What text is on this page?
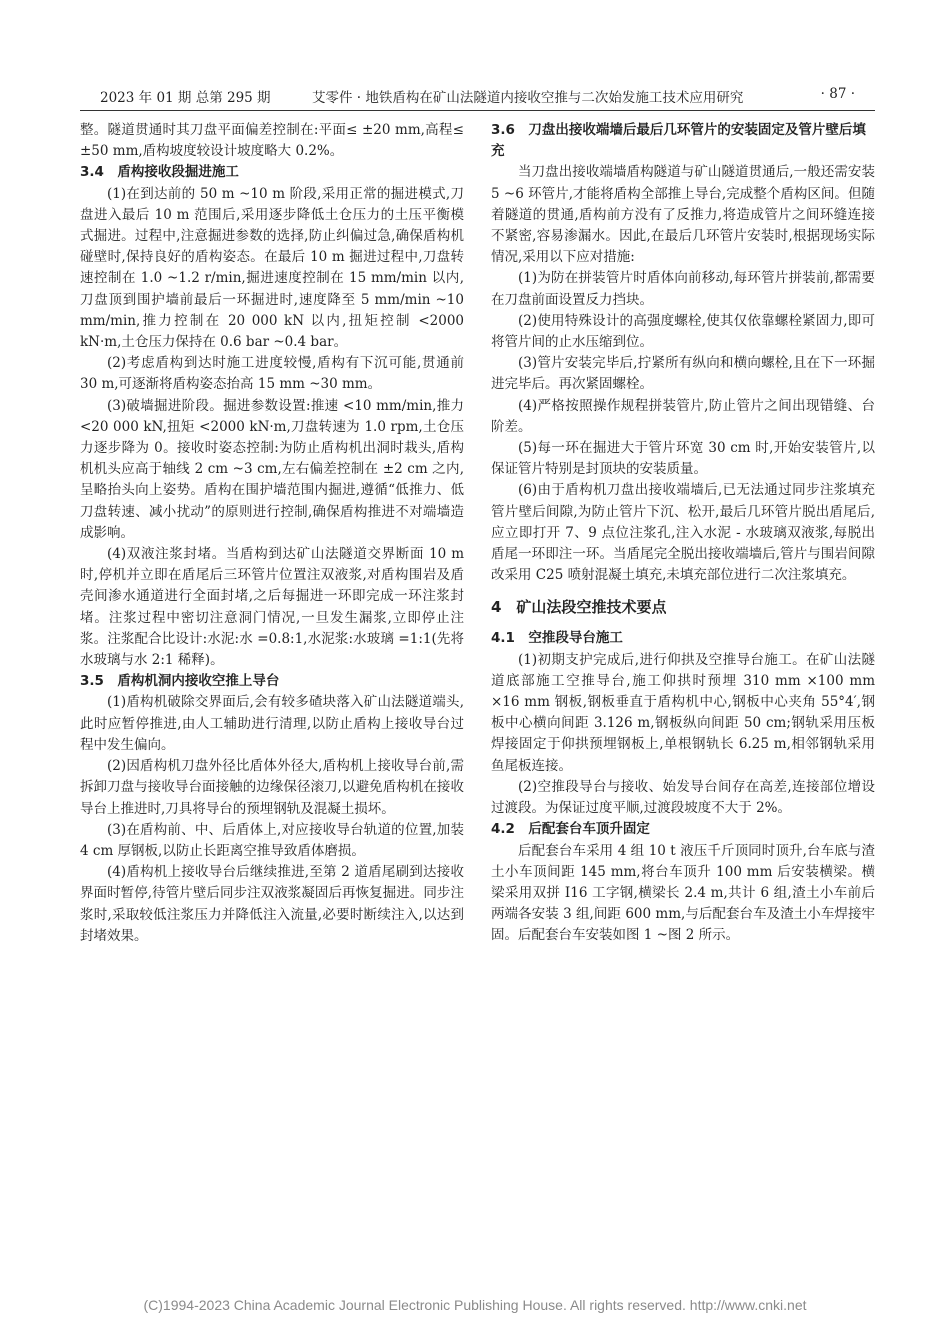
2023 年 01 期 总第 295 期	艾零件 · 地铁盾构在矿山法隧道内接收空推与二次始发施工技术应用研究	· 87 ·

整。隧道贯通时其刀盘平面偏差控制在:平面≤ ±20 mm,高程≤ ±50 mm,盾构坡度较设计坡度略大 0.2%。

3.4　盾构接收段掘进施工

(1)在到达前的 50 m ~10 m 阶段,采用正常的掘进模式,刀盘进入最后 10 m 范围后,采用逐步降低土仓压力的土压平衡模式掘进。过程中,注意掘进参数的选择,防止纠偏过急,确保盾构机碰壁时,保持良好的盾构姿态。在最后 10 m 掘进过程中,刀盘转速控制在 1.0 ~1.2 r/min,掘进速度控制在 15 mm/min 以内,刀盘顶到围护墙前最后一环掘进时,速度降至 5 mm/min ~10 mm/min,推力控制在 20 000 kN 以内,扭矩控制 <2000 kN·m,土仓压力保持在 0.6 bar ~0.4 bar。

(2)考虑盾构到达时施工进度较慢,盾构有下沉可能,贯通前 30 m,可逐渐将盾构姿态抬高 15 mm ~30 mm。

(3)破墙掘进阶段。掘进参数设置:推速 <10 mm/min,推力 <20 000 kN,扭矩 <2000 kN·m,刀盘转速为 1.0 rpm,土仓压力逐步降为 0。接收时姿态控制:为防止盾构机出洞时栽头,盾构机机头应高于轴线 2 cm ~3 cm,左右偏差控制在 ±2 cm 之内,呈略抬头向上姿势。盾构在围护墙范围内掘进,遵循“低推力、低刀盘转速、减小扰动”的原则进行控制,确保盾构推进不对端墙造成影响。

(4)双液注浆封堵。当盾构到达矿山法隧道交界断面 10 m 时,停机并立即在盾尾后三环管片位置注双液浆,对盾构围岩及盾壳间渗水通道进行全面封堵,之后每掘进一环即完成一环注浆封堵。注浆过程中密切注意洞门情况,一旦发生漏浆,立即停止注浆。注浆配合比设计:水泥:水 =0.8:1,水泥浆:水玻璃 =1:1(先将水玻璃与水 2:1 稀释)。

3.5　盾构机洞内接收空推上导台

(1)盾构机破除交界面后,会有较多碴块落入矿山法隧道端头,此时应暂停推进,由人工辅助进行清理,以防止盾构上接收导台过程中发生偏向。

(2)因盾构机刀盘外径比盾体外径大,盾构机上接收导台前,需拆卸刀盘与接收导台面接触的边缘保径滚刀,以避免盾构机在接收导台上推进时,刀具将导台的预埋钢轨及混凝土损坏。

(3)在盾构前、中、后盾体上,对应接收导台轨道的位置,加装 4 cm 厚钢板,以防止长距离空推导致盾体磨损。

(4)盾构机上接收导台后继续推进,至第 2 道盾尾刷到达接收界面时暂停,待管片壁后同步注双液浆凝固后再恢复掘进。同步注浆时,采取较低注浆压力并降低注入流量,必要时断续注入,以达到封堵效果。

3.6　刀盘出接收端墙后最后几环管片的安装固定及管片壁后填充

当刀盘出接收端墙盾构隧道与矿山隧道贯通后,一般还需安装 5 ~6 环管片,才能将盾构全部推上导台,完成整个盾构区间。但随着隧道的贯通,盾构前方没有了反推力,将造成管片之间环缝连接不紧密,容易渗漏水。因此,在最后几环管片安装时,根据现场实际情况,采用以下应对措施:

(1)为防在拼装管片时盾体向前移动,每环管片拼装前,都需要在刀盘前面设置反力挡块。

(2)使用特殊设计的高强度螺栓,使其仅依靠螺栓紧固力,即可将管片间的止水压缩到位。

(3)管片安装完毕后,拧紧所有纵向和横向螺栓,且在下一环掘进完毕后。再次紧固螺栓。

(4)严格按照操作规程拼装管片,防止管片之间出现错缝、台阶差。

(5)每一环在掘进大于管片环宽 30 cm 时,开始安装管片,以保证管片特别是封顶块的安装质量。

(6)由于盾构机刀盘出接收端墙后,已无法通过同步注浆填充管片壁后间隙,为防止管片下沉、松开,最后几环管片脱出盾尾后,应立即打开 7、9 点位注浆孔,注入水泥 - 水玻璃双液浆,每脱出盾尾一环即注一环。当盾尾完全脱出接收端墙后,管片与围岩间隙改采用 C25 喷射混凝土填充,未填充部位进行二次注浆填充。

4　矿山法段空推技术要点
4.1　空推段导台施工

(1)初期支护完成后,进行仰拱及空推导台施工。在矿山法隧道底部施工空推导台,施工仰拱时预埋 310 mm ×100 mm ×16 mm 钢板,钢板垂直于盾构机中心,钢板中心夹角 55°4′,钢板中心横向间距 3.126 m,钢板纵向间距 50 cm;钢轨采用压板焊接固定于仰拱预埋钢板上,单根钢轨长 6.25 m,相邻钢轨采用鱼尾板连接。

(2)空推段导台与接收、始发导台间存在高差,连接部位增设过渡段。为保证过度平顺,过渡段坡度不大于 2%。

4.2　后配套台车顶升固定

后配套台车采用 4 组 10 t 液压千斤顶同时顶升,台车底与渣土小车顶间距 145 mm,将台车顶升 100 mm 后安装横梁。横梁采用双拼 I16 工字钢,横梁长 2.4 m,共计 6 组,渣土小车前后两端各安装 3 组,间距 600 mm,与后配套台车及渣土小车焊接牢固。后配套台车安装如图 1 ~图 2 所示。

(C)1994-2023 China Academic Journal Electronic Publishing House. All rights reserved. http://www.cnki.net
